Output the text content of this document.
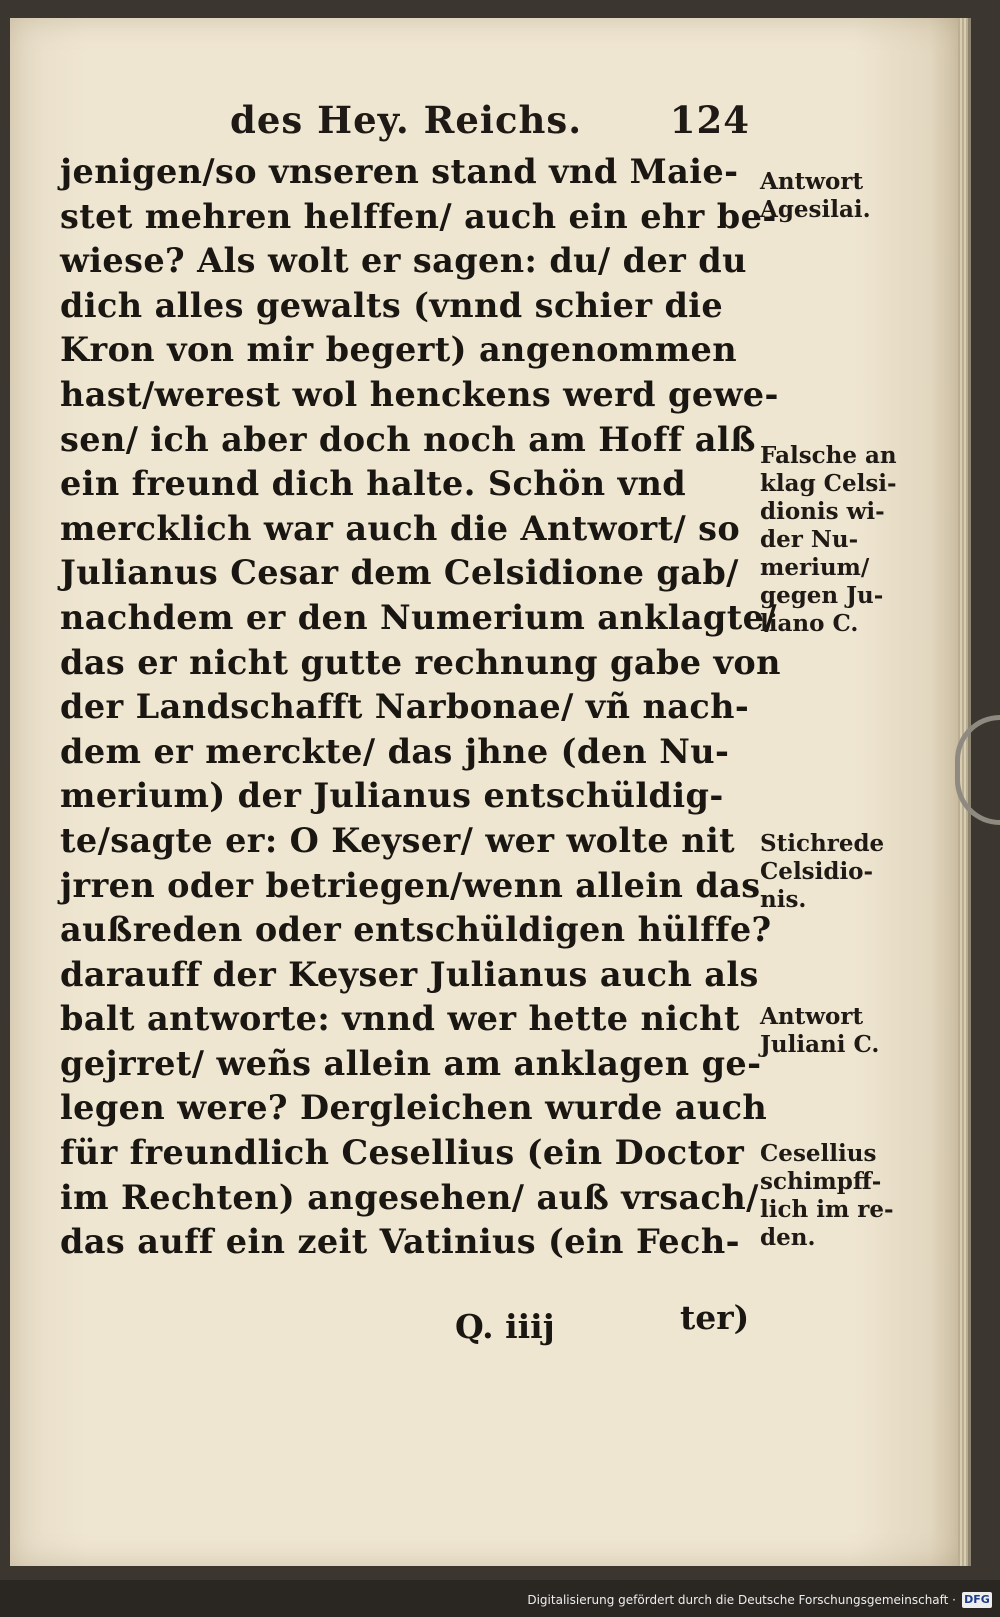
des Hey. Reichs. 124
jenigen/so vnseren stand vnd Maie-
stet mehren helffen/ auch ein ehr be-
wiese? Als wolt er sagen: du/ der du
dich alles gewalts (vnnd schier die
Kron von mir begert) angenommen
hast/werest wol henckens werd gewe-
sen/ ich aber doch noch am Hoff alß
ein freund dich halte. Schön vnd
mercklich war auch die Antwort/ so
Julianus Cesar dem Celsidione gab/
nachdem er den Numerium anklagte/
das er nicht gutte rechnung gabe von
der Landschafft Narbonae/ vñ nach-
dem er merckte/ das jhne (den Nu-
merium) der Julianus entschüldig-
te/sagte er: O Keyser/ wer wolte nit
jrren oder betriegen/wenn allein das
außreden oder entschüldigen hülffe?
darauff der Keyser Julianus auch als
balt antworte: vnnd wer hette nicht
gejrret/ weñs allein am anklagen ge-
legen were? Dergleichen wurde auch
für freundlich Cesellius (ein Doctor
im Rechten) angesehen/ auß vrsach/
das auff ein zeit Vatinius (ein Fech-
Antwort
Agesilai.
Falsche an
klag Celsi-
dionis wi-
der Nu-
merium/
gegen Ju-
liano C.
Stichrede
Celsidio-
nis.
Antwort
Juliani C.
Cesellius
schimpff-
lich im re-
den.
Q. iiij	ter)
Digitalisierung gefördert durch die Deutsche Forschungsgemeinschaft · DFG
